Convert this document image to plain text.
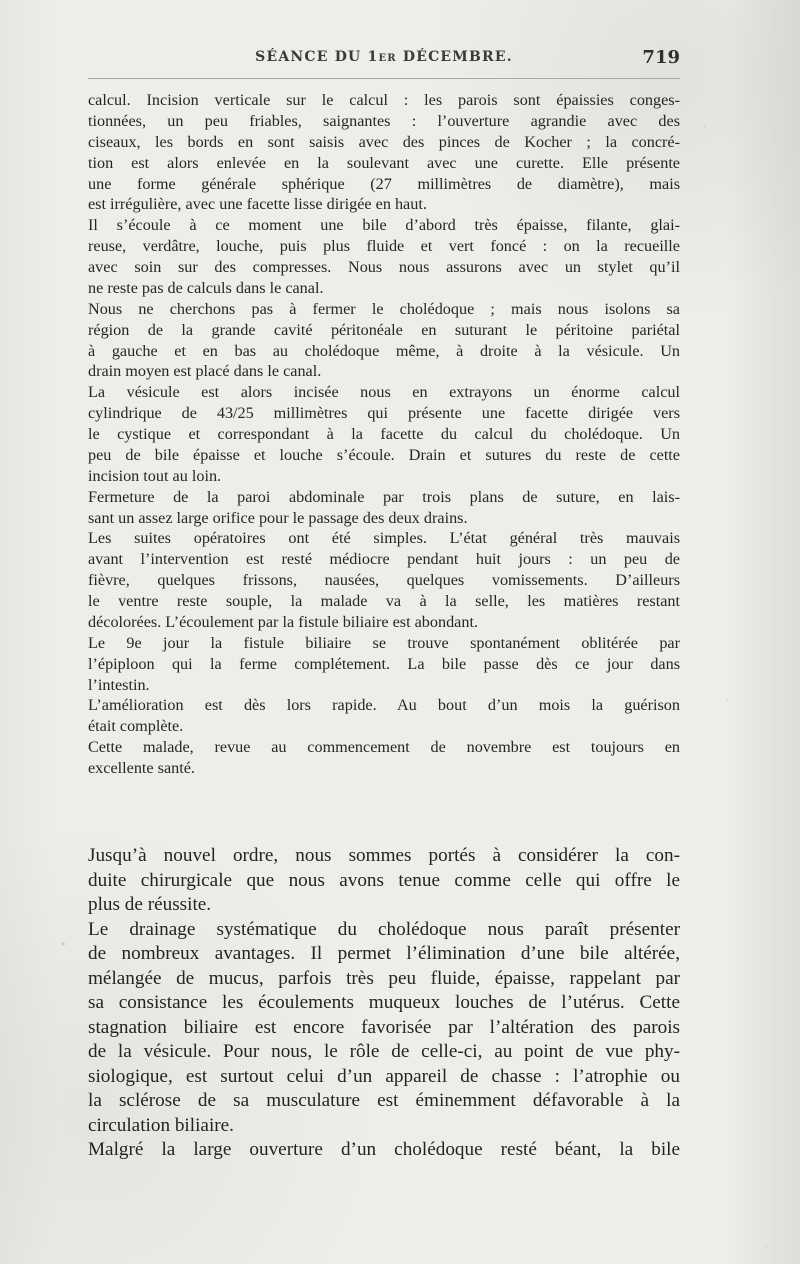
SÉANCE DU 1er DÉCEMBRE.	719
calcul. Incision verticale sur le calcul : les parois sont épaissies conges-
tionnées, un peu friables, saignantes : l’ouverture agrandie avec des
ciseaux, les bords en sont saisis avec des pinces de Kocher ; la concré-
tion est alors enlevée en la soulevant avec une curette. Elle présente
une forme générale sphérique (27 millimètres de diamètre), mais
est irrégulière, avec une facette lisse dirigée en haut.
Il s’écoule à ce moment une bile d’abord très épaisse, filante, glai-
reuse, verdâtre, louche, puis plus fluide et vert foncé : on la recueille
avec soin sur des compresses. Nous nous assurons avec un stylet qu’il
ne reste pas de calculs dans le canal.
Nous ne cherchons pas à fermer le cholédoque ; mais nous isolons sa
région de la grande cavité péritonéale en suturant le péritoine pariétal
à gauche et en bas au cholédoque même, à droite à la vésicule. Un
drain moyen est placé dans le canal.
La vésicule est alors incisée nous en extrayons un énorme calcul
cylindrique de 43/25 millimètres qui présente une facette dirigée vers
le cystique et correspondant à la facette du calcul du cholédoque. Un
peu de bile épaisse et louche s’écoule. Drain et sutures du reste de cette
incision tout au loin.
Fermeture de la paroi abdominale par trois plans de suture, en lais-
sant un assez large orifice pour le passage des deux drains.
Les suites opératoires ont été simples. L’état général très mauvais
avant l’intervention est resté médiocre pendant huit jours : un peu de
fièvre, quelques frissons, nausées, quelques vomissements. D’ailleurs
le ventre reste souple, la malade va à la selle, les matières restant
décolorées. L’écoulement par la fistule biliaire est abondant.
Le 9e jour la fistule biliaire se trouve spontanément oblitérée par
l’épiploon qui la ferme complétement. La bile passe dès ce jour dans
l’intestin.
L’amélioration est dès lors rapide. Au bout d’un mois la guérison
était complète.
Cette malade, revue au commencement de novembre est toujours en
excellente santé.
Jusqu’à nouvel ordre, nous sommes portés à considérer la con-
duite chirurgicale que nous avons tenue comme celle qui offre le
plus de réussite.
Le drainage systématique du cholédoque nous paraît présenter
de nombreux avantages. Il permet l’élimination d’une bile altérée,
mélangée de mucus, parfois très peu fluide, épaisse, rappelant par
sa consistance les écoulements muqueux louches de l’utérus. Cette
stagnation biliaire est encore favorisée par l’altération des parois
de la vésicule. Pour nous, le rôle de celle-ci, au point de vue phy-
siologique, est surtout celui d’un appareil de chasse : l’atrophie ou
la sclérose de sa musculature est éminemment défavorable à la
circulation biliaire.
Malgré la large ouverture d’un cholédoque resté béant, la bile
·
,
•
·
